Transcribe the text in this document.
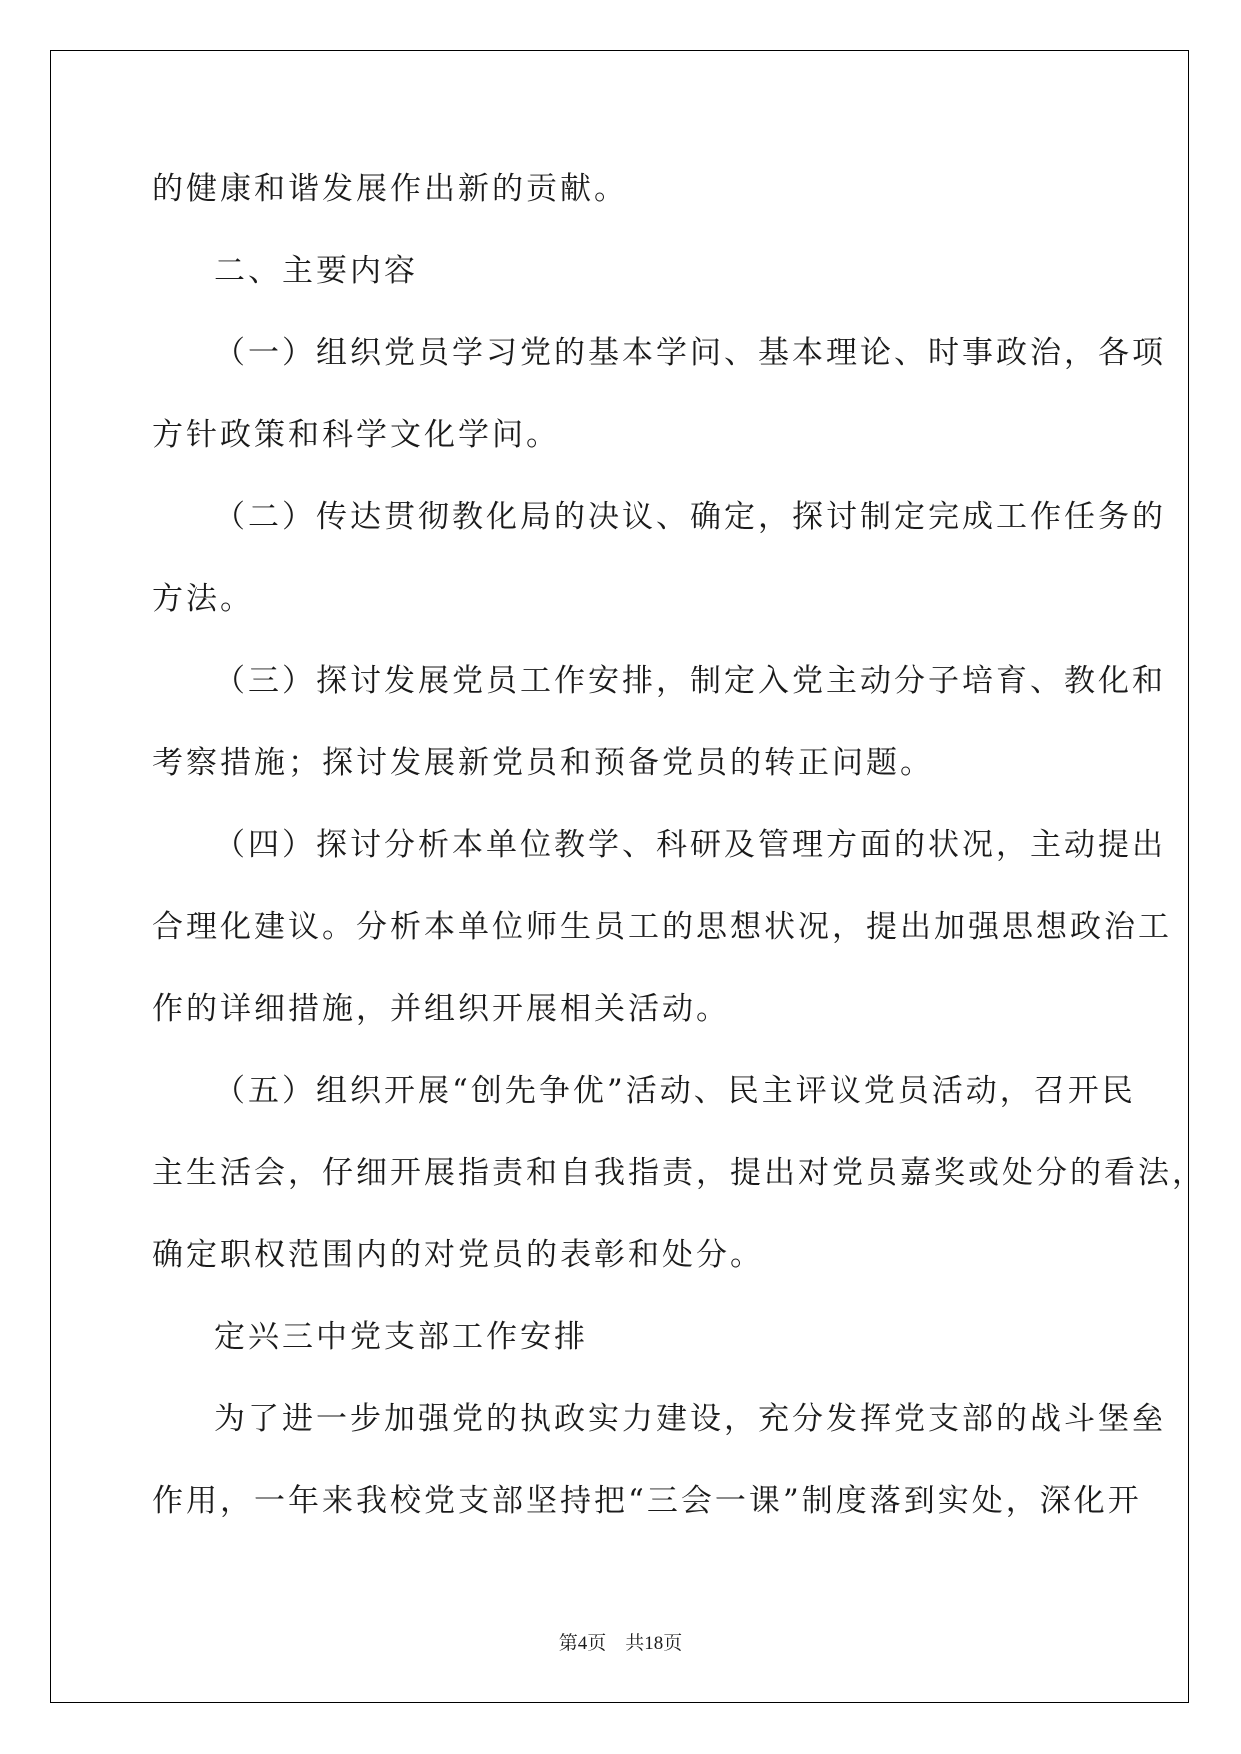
的健康和谐发展作出新的贡献。
二、主要内容
（一）组织党员学习党的基本学问、基本理论、时事政治，各项
方针政策和科学文化学问。
（二）传达贯彻教化局的决议、确定，探讨制定完成工作任务的
方法。
（三）探讨发展党员工作安排，制定入党主动分子培育、教化和
考察措施；探讨发展新党员和预备党员的转正问题。
（四）探讨分析本单位教学、科研及管理方面的状况，主动提出
合理化建议。分析本单位师生员工的思想状况，提出加强思想政治工
作的详细措施，并组织开展相关活动。
（五）组织开展“创先争优”活动、民主评议党员活动，召开民
主生活会，仔细开展指责和自我指责，提出对党员嘉奖或处分的看法，
确定职权范围内的对党员的表彰和处分。
定兴三中党支部工作安排
为了进一步加强党的执政实力建设，充分发挥党支部的战斗堡垒
作用，一年来我校党支部坚持把“三会一课”制度落到实处，深化开
第4页　共18页
